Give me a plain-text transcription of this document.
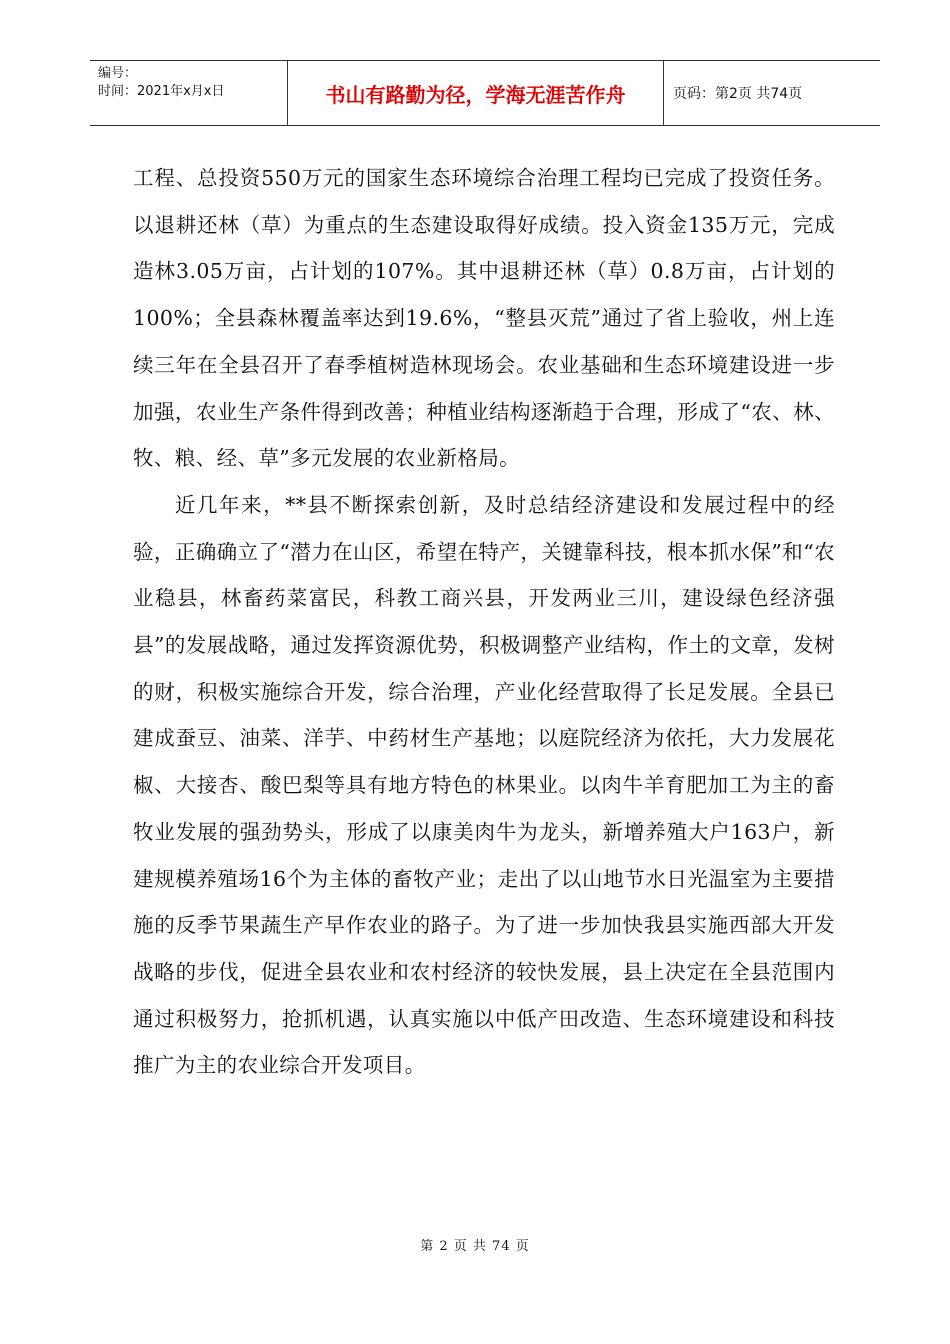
编号：
时间：2021年x月x日	书山有路勤为径，学海无涯苦作舟	页码：第2页 共74页

工程、总投资550万元的国家生态环境综合治理工程均已完成了投资任务。以退耕还林（草）为重点的生态建设取得好成绩。投入资金135万元，完成造林3.05万亩，占计划的107%。其中退耕还林（草）0.8万亩，占计划的100%；全县森林覆盖率达到19.6%，“整县灭荒”通过了省上验收，州上连续三年在全县召开了春季植树造林现场会。农业基础和生态环境建设进一步加强，农业生产条件得到改善；种植业结构逐渐趋于合理，形成了“农、林、牧、粮、经、草”多元发展的农业新格局。

近几年来，**县不断探索创新，及时总结经济建设和发展过程中的经验，正确确立了“潜力在山区，希望在特产，关键靠科技，根本抓水保”和“农业稳县，林畜药菜富民，科教工商兴县，开发两业三川，建设绿色经济强县”的发展战略，通过发挥资源优势，积极调整产业结构，作土的文章，发树的财，积极实施综合开发，综合治理，产业化经营取得了长足发展。全县已建成蚕豆、油菜、洋芋、中药材生产基地；以庭院经济为依托，大力发展花椒、大接杏、酸巴梨等具有地方特色的林果业。以肉牛羊育肥加工为主的畜牧业发展的强劲势头，形成了以康美肉牛为龙头，新增养殖大户163户，新建规模养殖场16个为主体的畜牧产业；走出了以山地节水日光温室为主要措施的反季节果蔬生产早作农业的路子。为了进一步加快我县实施西部大开发战略的步伐，促进全县农业和农村经济的较快发展，县上决定在全县范围内通过积极努力，抢抓机遇，认真实施以中低产田改造、生态环境建设和科技推广为主的农业综合开发项目。

第 2 页 共 74 页
